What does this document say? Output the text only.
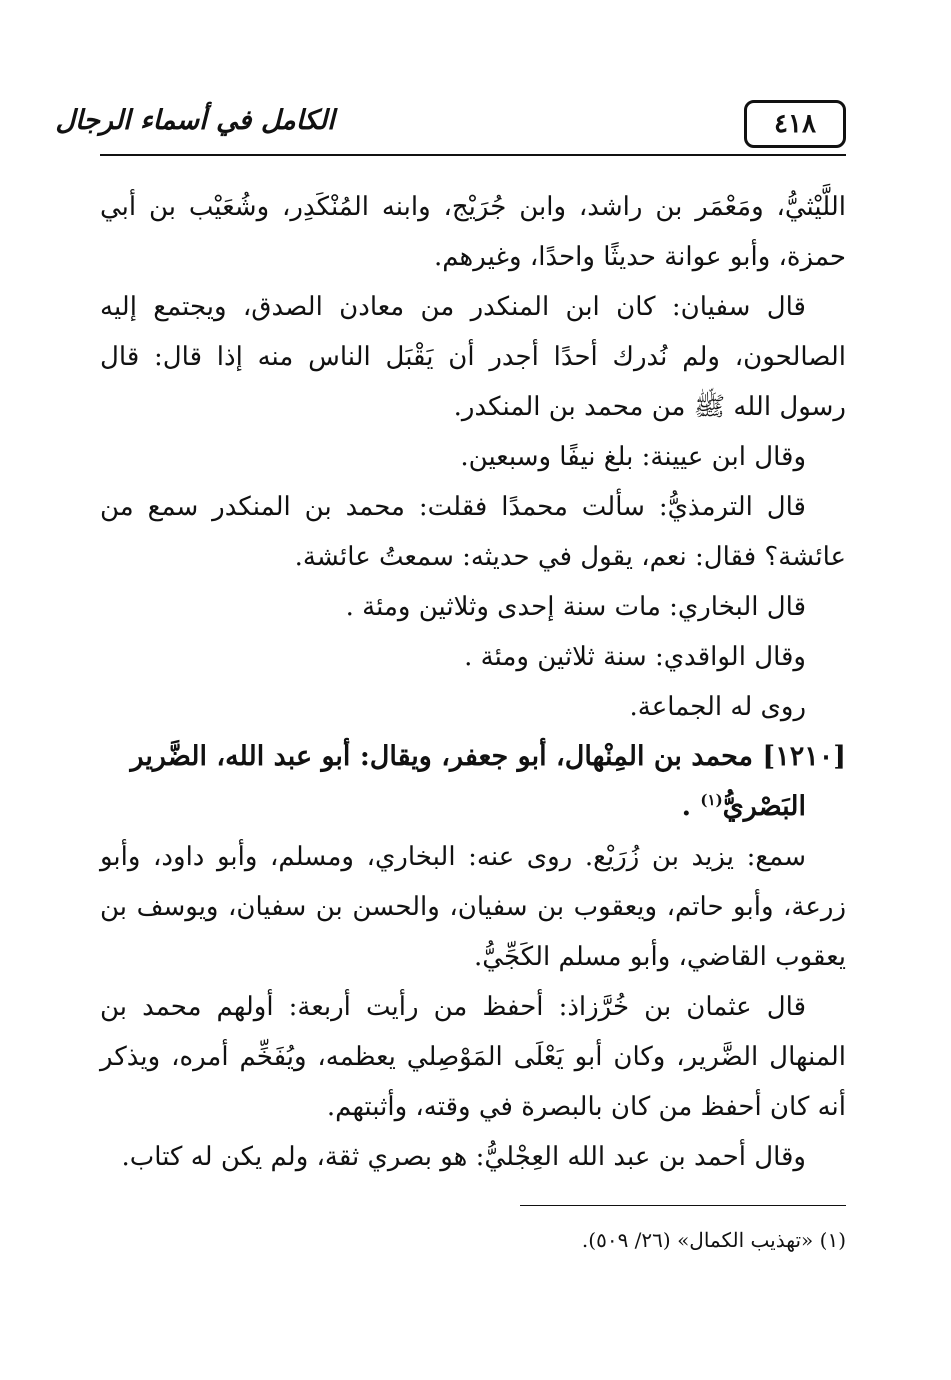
٤١٨
الكامل في أسماء الرجال

اللَّيْثيُّ، ومَعْمَر بن راشد، وابن جُرَيْج، وابنه المُنْكَدِر، وشُعَيْب بن أبي حمزة، وأبو عوانة حديثًا واحدًا، وغيرهم.

قال سفيان: كان ابن المنكدر من معادن الصدق، ويجتمع إليه الصالحون، ولم نُدرك أحدًا أجدر أن يَقْبَل الناس منه إذا قال: قال رسول الله ﷺ من محمد بن المنكدر.

وقال ابن عيينة: بلغ نيفًا وسبعين.

قال الترمذيُّ: سألت محمدًا فقلت: محمد بن المنكدر سمع من عائشة؟ فقال: نعم، يقول في حديثه: سمعتُ عائشة.

قال البخاري: مات سنة إحدى وثلاثين ومئة .

وقال الواقدي: سنة ثلاثين ومئة .

روى له الجماعة.

[١٢١٠] محمد بن المِنْهال، أبو جعفر، ويقال: أبو عبد الله، الضَّرير
البَصْريُّ$^{(١)}$ .

سمع: يزيد بن زُرَيْع. روى عنه: البخاري، ومسلم، وأبو داود، وأبو زرعة، وأبو حاتم، ويعقوب بن سفيان، والحسن بن سفيان، ويوسف بن يعقوب القاضي، وأبو مسلم الكَجِّيُّ.

قال عثمان بن خُرَّزاذ: أحفظ من رأيت أربعة: أولهم محمد بن المنهال الضَّرير، وكان أبو يَعْلَى المَوْصِلي يعظمه، ويُفَخِّم أمره، ويذكر أنه كان أحفظ من كان بالبصرة في وقته، وأثبتهم.

وقال أحمد بن عبد الله العِجْليُّ: هو بصري ثقة، ولم يكن له كتاب.

(١) «تهذيب الكمال» (٢٦/ ٥٠٩).
